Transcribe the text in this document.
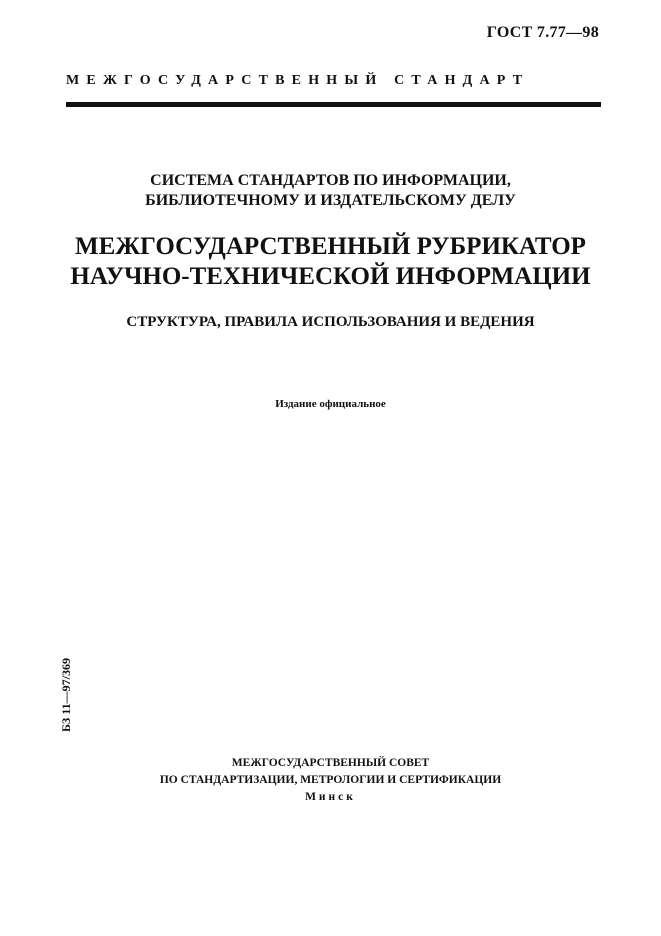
ГОСТ 7.77—98
МЕЖГОСУДАРСТВЕННЫЙ СТАНДАРТ
СИСТЕМА СТАНДАРТОВ ПО ИНФОРМАЦИИ,
БИБЛИОТЕЧНОМУ И ИЗДАТЕЛЬСКОМУ ДЕЛУ
МЕЖГОСУДАРСТВЕННЫЙ РУБРИКАТОР
НАУЧНО-ТЕХНИЧЕСКОЙ ИНФОРМАЦИИ
СТРУКТУРА, ПРАВИЛА ИСПОЛЬЗОВАНИЯ И ВЕДЕНИЯ
Издание официальное
БЗ 11—97/369
МЕЖГОСУДАРСТВЕННЫЙ СОВЕТ
ПО СТАНДАРТИЗАЦИИ, МЕТРОЛОГИИ И СЕРТИФИКАЦИИ
Минск
